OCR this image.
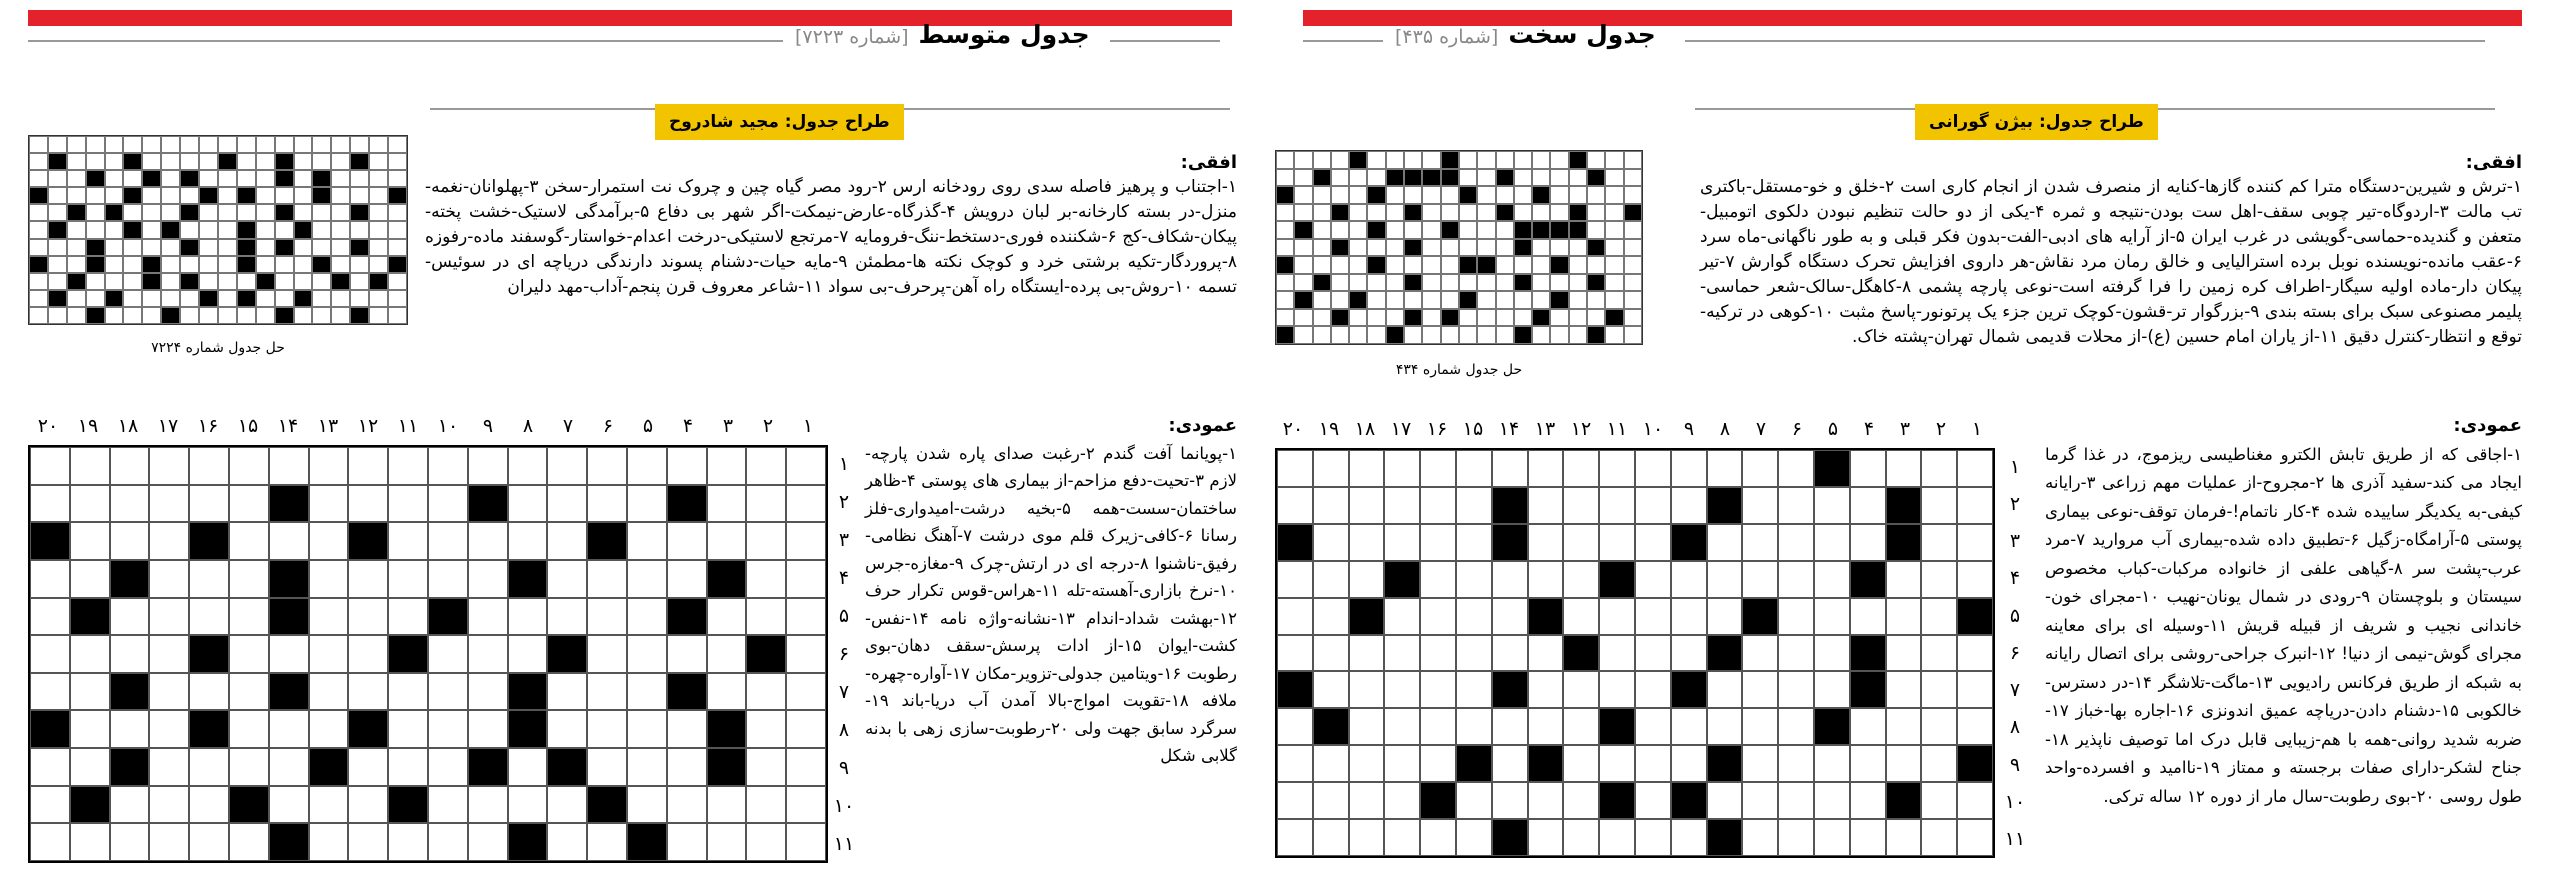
[شماره ۷۲۲۳] جدول متوسط
طراح جدول: مجید شادروح
افقی:
۱-اجتناب و پرهیز فاصله سدی روی رودخانه ارس ۲-رود مصر گیاه چین و چروک نت استمرار-سخن ۳-پهلوانان-نغمه-منزل-در بسته کارخانه-بر لبان درویش ۴-گذرگاه-عارض-نیمکت-اگر شهر بی دفاع ۵-برآمدگی لاستیک-خشت پخته-پیکان-شکاف-کج ۶-شکننده فوری-دستخط-ننگ-فرومایه ۷-مرتجع لاستیکی-درخت اعدام-خواستار-گوسفند ماده-رفوزه ۸-پروردگار-تکیه برشتی خرد و کوچک نکته ها-مطمئن ۹-مایه حیات-دشنام پسوند دارندگی دریاچه ای در سوئیس-تسمه ۱۰-روش-بی پرده-ایستگاه راه آهن-پرحرف-بی سواد ۱۱-شاعر معروف قرن پنجم-آداب-مهد دلیران
حل جدول شماره ۷۲۲۴
۲۰	۱۹	۱۸	۱۷	۱۶	۱۵	۱۴	۱۳	۱۲	۱۱	۱۰	۹	۸	۷	۶	۵	۴	۳	۲	۱
۱
۲
۳
۴
۵
۶
۷
۸
۹
۱۰
۱۱
عمودی:
۱-پویانما آفت گندم ۲-رغبت صدای پاره شدن پارچه-لازم ۳-تحیت-دفع مزاحم-از بیماری های پوستی ۴-ظاهر ساختمان-سست-همه ۵-بخیه درشت-امیدواری-فلز رسانا ۶-کافی-زیرک قلم موی درشت ۷-آهنگ نظامی-رفیق-ناشنوا ۸-درجه ای در ارتش-چرک ۹-مغازه-جرس ۱۰-نرخ بازاری-آهسته-تله ۱۱-هراس-قوس تکرار حرف ۱۲-بهشت شداد-اندام ۱۳-نشانه-واژه نامه ۱۴-نفس-کشت-ایوان ۱۵-از ادات پرسش-سقف دهان-بوی رطوبت ۱۶-ویتامین جدولی-تزویر-مکان ۱۷-آواره-چهره-ملافه ۱۸-تقویت امواج-بالا آمدن آب دریا-باند ۱۹-سرگرد سابق جهت ولی ۲۰-رطوبت-سازی زهی با بدنه گلابی شکل
[شماره ۴۳۵] جدول سخت
طراح جدول: بیژن گورانی
افقی:
۱-ترش و شیرین-دستگاه مترا کم کننده گازها-کنایه از منصرف شدن از انجام کاری است ۲-خلق و خو-مستقل-باکتری تب مالت ۳-اردوگاه-تیر چوبی سقف-اهل ست بودن-نتیجه و ثمره ۴-یکی از دو حالت تنظیم نبودن دلکوی اتومبیل-متعفن و گندیده-حماسی-گویشی در غرب ایران ۵-از آرایه های ادبی-الفت-بدون فکر قبلی و به طور ناگهانی-ماه سرد ۶-عقب مانده-نویسنده نوبل برده استرالیایی و خالق رمان مرد نقاش-هر داروی افزایش تحرک دستگاه گوارش ۷-تیر پیکان دار-ماده اولیه سیگار-اطراف کره زمین را فرا گرفته است-نوعی پارچه پشمی ۸-کاهگل-سالک-شعر حماسی-پلیمر مصنوعی سبک برای بسته بندی ۹-بزرگوار تر-قشون-کوچک ترین جزء یک پرتونور-پاسخ مثبت ۱۰-کوهی در ترکیه-توقع و انتظار-کنترل دقیق ۱۱-از یاران امام حسین (ع)-از محلات قدیمی شمال تهران-پشته خاک.
حل جدول شماره ۴۳۴
۲۰ ۱۹ ۱۸ ۱۷ ۱۶ ۱۵ ۱۴ ۱۳ ۱۲ ۱۱ ۱۰	۹	۸	۷	۶	۵	۴	۳	۲	۱
۱
۲
۳
۴
۵
۶
۷
۸
۹
۱۰
۱۱
عمودی:
۱-اجاقی که از طریق تابش الکترو مغناطیسی ریزموج، در غذا گرما ایجاد می کند-سفید آذری ها ۲-مجروح-از عملیات مهم زراعی ۳-رایانه کیفی-به یکدیگر ساییده شده ۴-کار ناتمام!-فرمان توقف-نوعی بیماری پوستی ۵-آرامگاه-زگیل ۶-تطبیق داده شده-بیماری آب مروارید ۷-مرد عرب-پشت سر ۸-گیاهی علفی از خانواده مرکبات-کباب مخصوص سیستان و بلوچستان ۹-رودی در شمال یونان-نهیب ۱۰-مجرای خون-خاندانی نجیب و شریف از قبیله قریش ۱۱-وسیله ای برای معاینه مجرای گوش-نیمی از دنیا! ۱۲-انبرک جراحی-روشی برای اتصال رایانه به شبکه از طریق فرکانس رادیویی ۱۳-ماگت-تلاشگر ۱۴-در دسترس-خالکوبی ۱۵-دشنام دادن-دریاچه عمیق اندونزی ۱۶-اجاره بها-خباز ۱۷-ضربه شدید روانی-همه با هم-زیبایی قابل درک اما توصیف ناپذیر ۱۸-جناح لشکر-دارای صفات برجسته و ممتاز ۱۹-ناامید و افسرده-واحد طول روسی ۲۰-بوی رطوبت-سال مار از دوره ۱۲ ساله ترکی.
